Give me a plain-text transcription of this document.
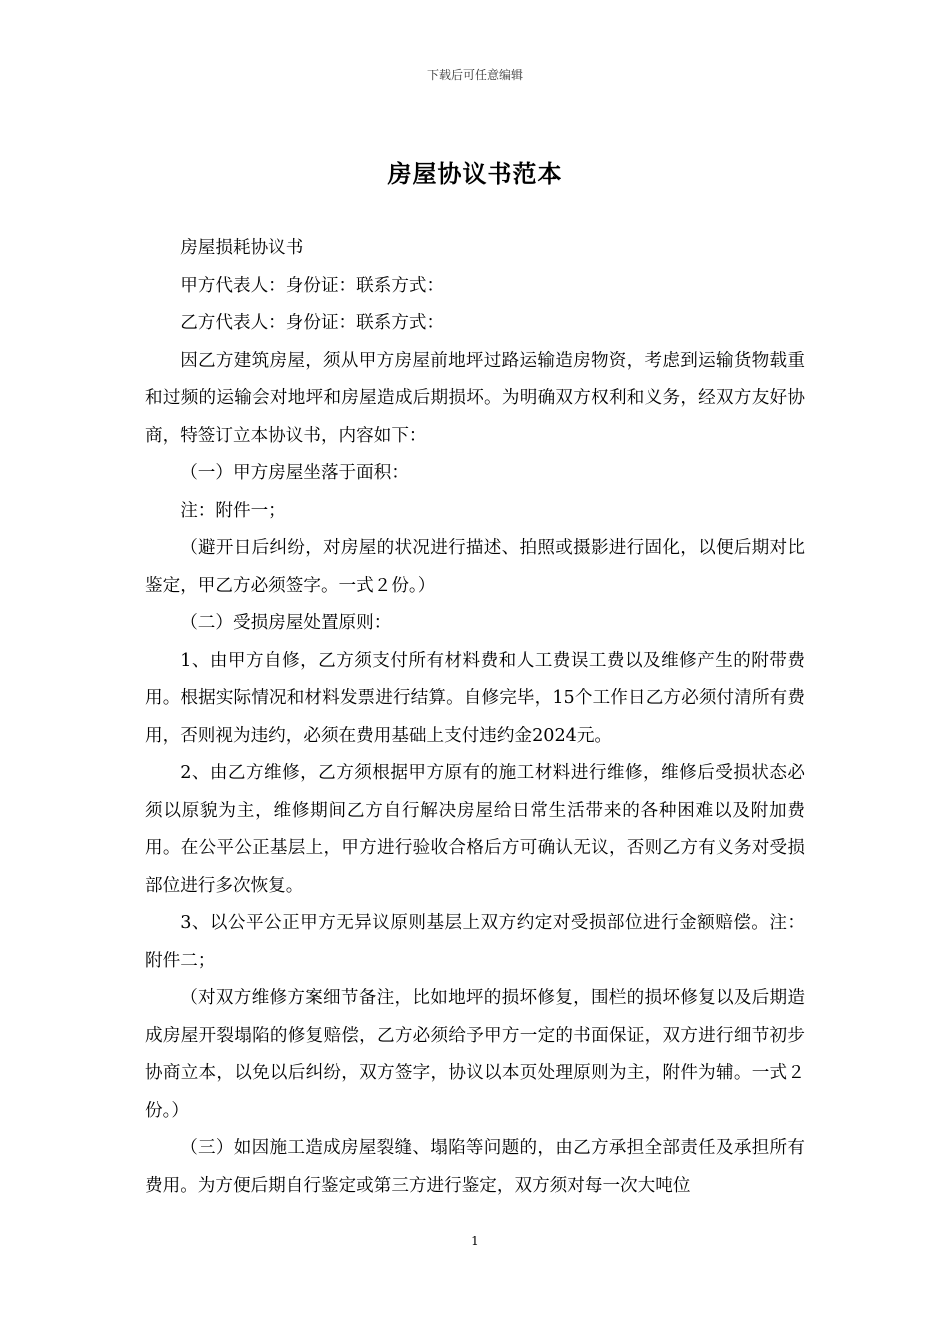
下载后可任意编辑
房屋协议书范本

房屋损耗协议书

甲方代表人：身份证：联系方式：

乙方代表人：身份证：联系方式：

因乙方建筑房屋，须从甲方房屋前地坪过路运输造房物资，考虑到运输货物载重和过频的运输会对地坪和房屋造成后期损坏。为明确双方权利和义务，经双方友好协商，特签订立本协议书，内容如下：

（一）甲方房屋坐落于面积：

注：附件一；

（避开日后纠纷，对房屋的状况进行描述、拍照或摄影进行固化，以便后期对比鉴定，甲乙方必须签字。一式２份。）

（二）受损房屋处置原则：

1、由甲方自修，乙方须支付所有材料费和人工费误工费以及维修产生的附带费用。根据实际情况和材料发票进行结算。自修完毕，15个工作日乙方必须付清所有费用，否则视为违约，必须在费用基础上支付违约金2024元。

2、由乙方维修，乙方须根据甲方原有的施工材料进行维修，维修后受损状态必须以原貌为主，维修期间乙方自行解决房屋给日常生活带来的各种困难以及附加费用。在公平公正基层上，甲方进行验收合格后方可确认无议，否则乙方有义务对受损部位进行多次恢复。

3、以公平公正甲方无异议原则基层上双方约定对受损部位进行金额赔偿。注：附件二；

（对双方维修方案细节备注，比如地坪的损坏修复，围栏的损坏修复以及后期造成房屋开裂塌陷的修复赔偿，乙方必须给予甲方一定的书面保证，双方进行细节初步协商立本，以免以后纠纷，双方签字，协议以本页处理原则为主，附件为辅。一式２份。）

（三）如因施工造成房屋裂缝、塌陷等问题的，由乙方承担全部责任及承担所有费用。为方便后期自行鉴定或第三方进行鉴定，双方须对每一次大吨位

1
